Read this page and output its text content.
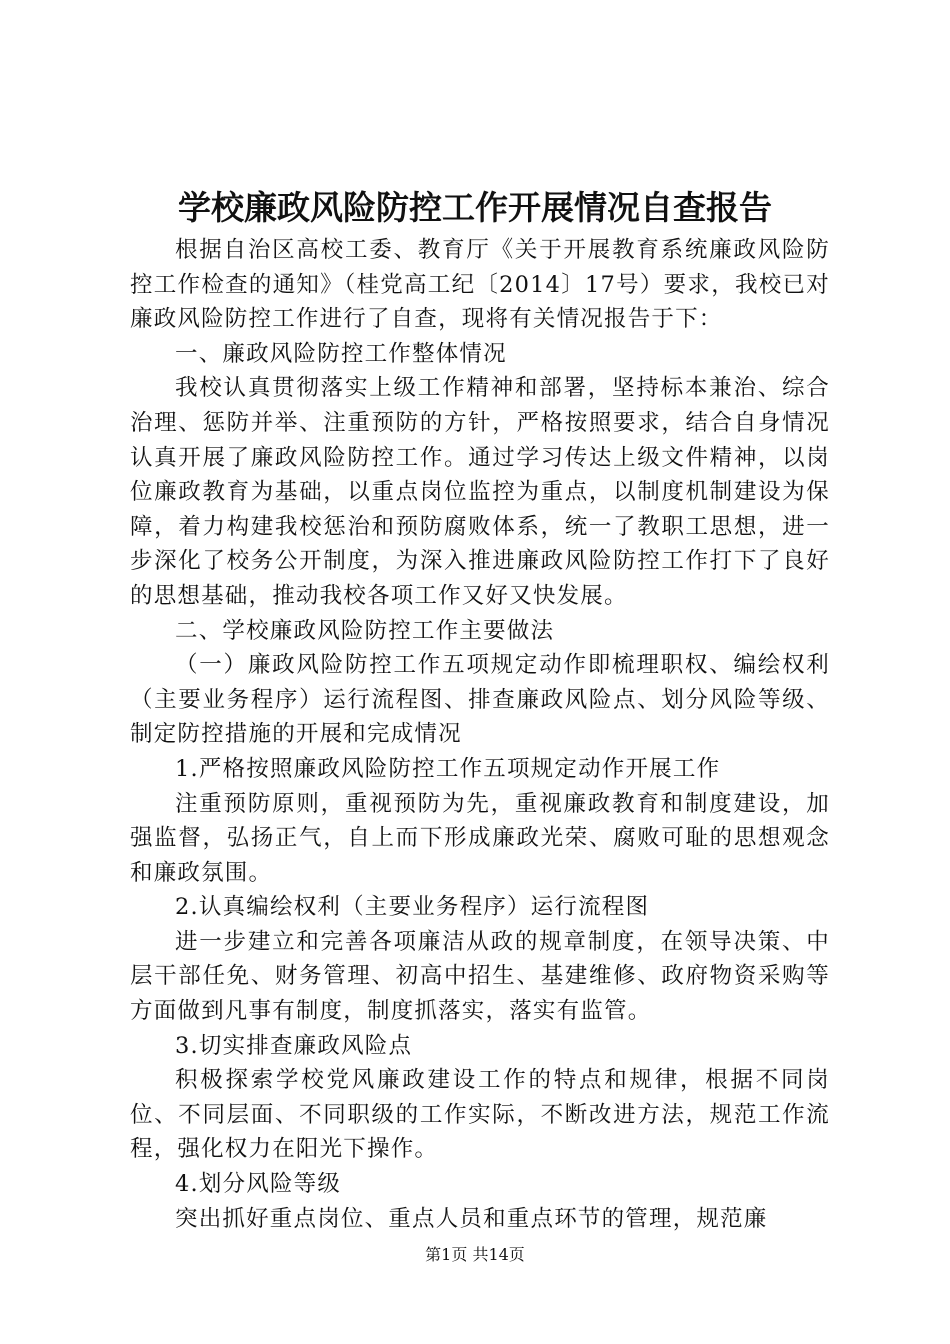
学校廉政风险防控工作开展情况自查报告

根据自治区高校工委、教育厅《关于开展教育系统廉政风险防控工作检查的通知》（桂党高工纪〔2014〕17号）要求，我校已对廉政风险防控工作进行了自查，现将有关情况报告于下：

一、廉政风险防控工作整体情况

我校认真贯彻落实上级工作精神和部署，坚持标本兼治、综合治理、惩防并举、注重预防的方针，严格按照要求，结合自身情况认真开展了廉政风险防控工作。通过学习传达上级文件精神，以岗位廉政教育为基础，以重点岗位监控为重点，以制度机制建设为保障，着力构建我校惩治和预防腐败体系，统一了教职工思想，进一步深化了校务公开制度，为深入推进廉政风险防控工作打下了良好的思想基础，推动我校各项工作又好又快发展。

二、学校廉政风险防控工作主要做法

（一）廉政风险防控工作五项规定动作即梳理职权、编绘权利（主要业务程序）运行流程图、排查廉政风险点、划分风险等级、制定防控措施的开展和完成情况

1.严格按照廉政风险防控工作五项规定动作开展工作

注重预防原则，重视预防为先，重视廉政教育和制度建设，加强监督，弘扬正气，自上而下形成廉政光荣、腐败可耻的思想观念和廉政氛围。

2.认真编绘权利（主要业务程序）运行流程图

进一步建立和完善各项廉洁从政的规章制度，在领导决策、中层干部任免、财务管理、初高中招生、基建维修、政府物资采购等方面做到凡事有制度，制度抓落实，落实有监管。

3.切实排查廉政风险点

积极探索学校党风廉政建设工作的特点和规律，根据不同岗位、不同层面、不同职级的工作实际，不断改进方法，规范工作流程，强化权力在阳光下操作。

4.划分风险等级

突出抓好重点岗位、重点人员和重点环节的管理，规范廉

第1页 共14页
